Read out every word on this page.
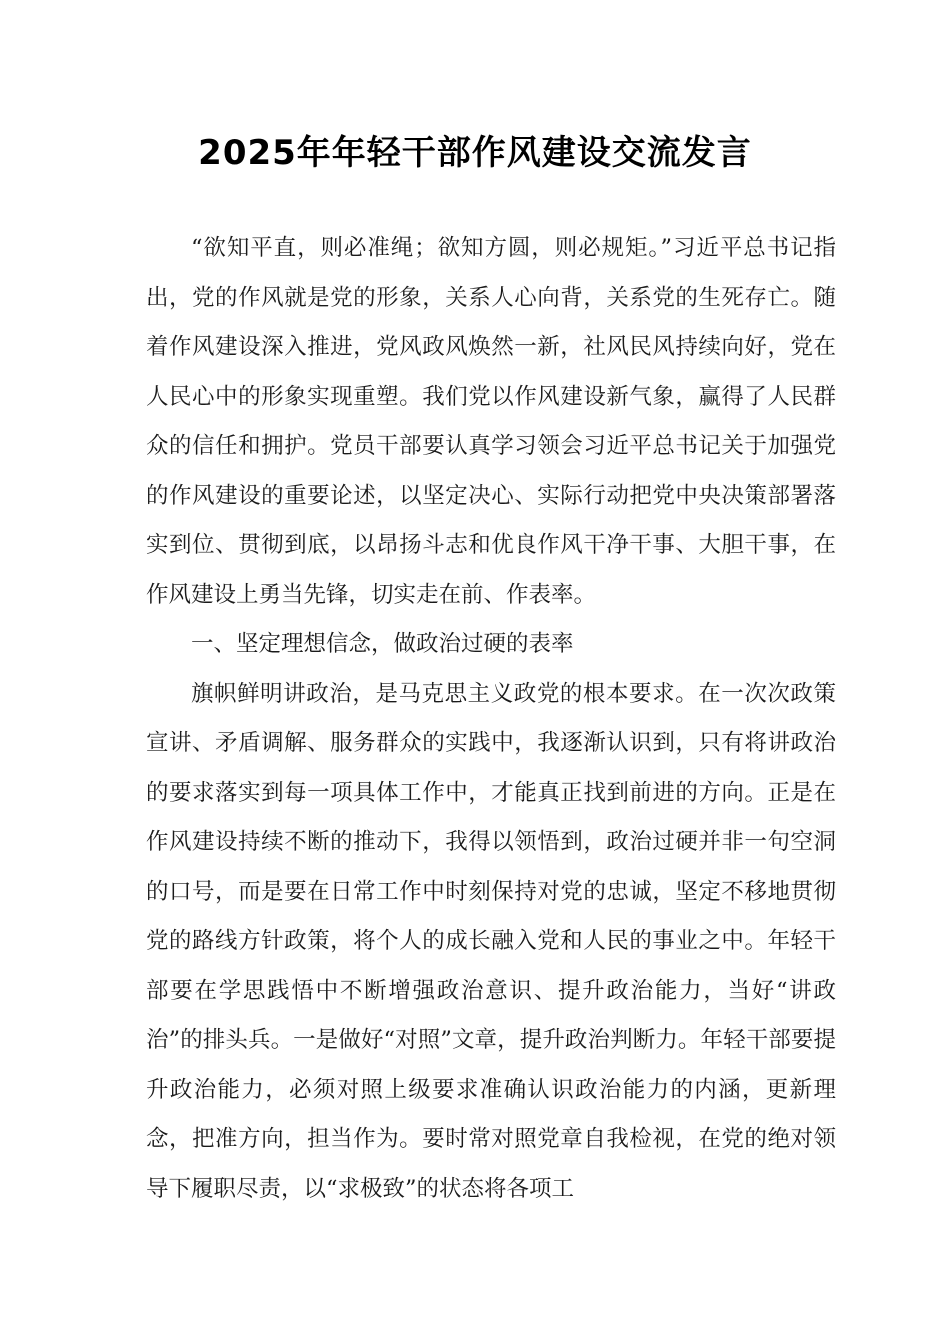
2025年年轻干部作风建设交流发言

“欲知平直，则必准绳；欲知方圆，则必规矩。”习近平总书记指出，党的作风就是党的形象，关系人心向背，关系党的生死存亡。随着作风建设深入推进，党风政风焕然一新，社风民风持续向好，党在人民心中的形象实现重塑。我们党以作风建设新气象，赢得了人民群众的信任和拥护。党员干部要认真学习领会习近平总书记关于加强党的作风建设的重要论述，以坚定决心、实际行动把党中央决策部署落实到位、贯彻到底，以昂扬斗志和优良作风干净干事、大胆干事，在作风建设上勇当先锋，切实走在前、作表率。

一、坚定理想信念，做政治过硬的表率

旗帜鲜明讲政治，是马克思主义政党的根本要求。在一次次政策宣讲、矛盾调解、服务群众的实践中，我逐渐认识到，只有将讲政治的要求落实到每一项具体工作中，才能真正找到前进的方向。正是在作风建设持续不断的推动下，我得以领悟到，政治过硬并非一句空洞的口号，而是要在日常工作中时刻保持对党的忠诚，坚定不移地贯彻党的路线方针政策，将个人的成长融入党和人民的事业之中。年轻干部要在学思践悟中不断增强政治意识、提升政治能力，当好“讲政治”的排头兵。一是做好“对照”文章，提升政治判断力。年轻干部要提升政治能力，必须对照上级要求准确认识政治能力的内涵，更新理念，把准方向，担当作为。要时常对照党章自我检视，在党的绝对领导下履职尽责，以“求极致”的状态将各项工
